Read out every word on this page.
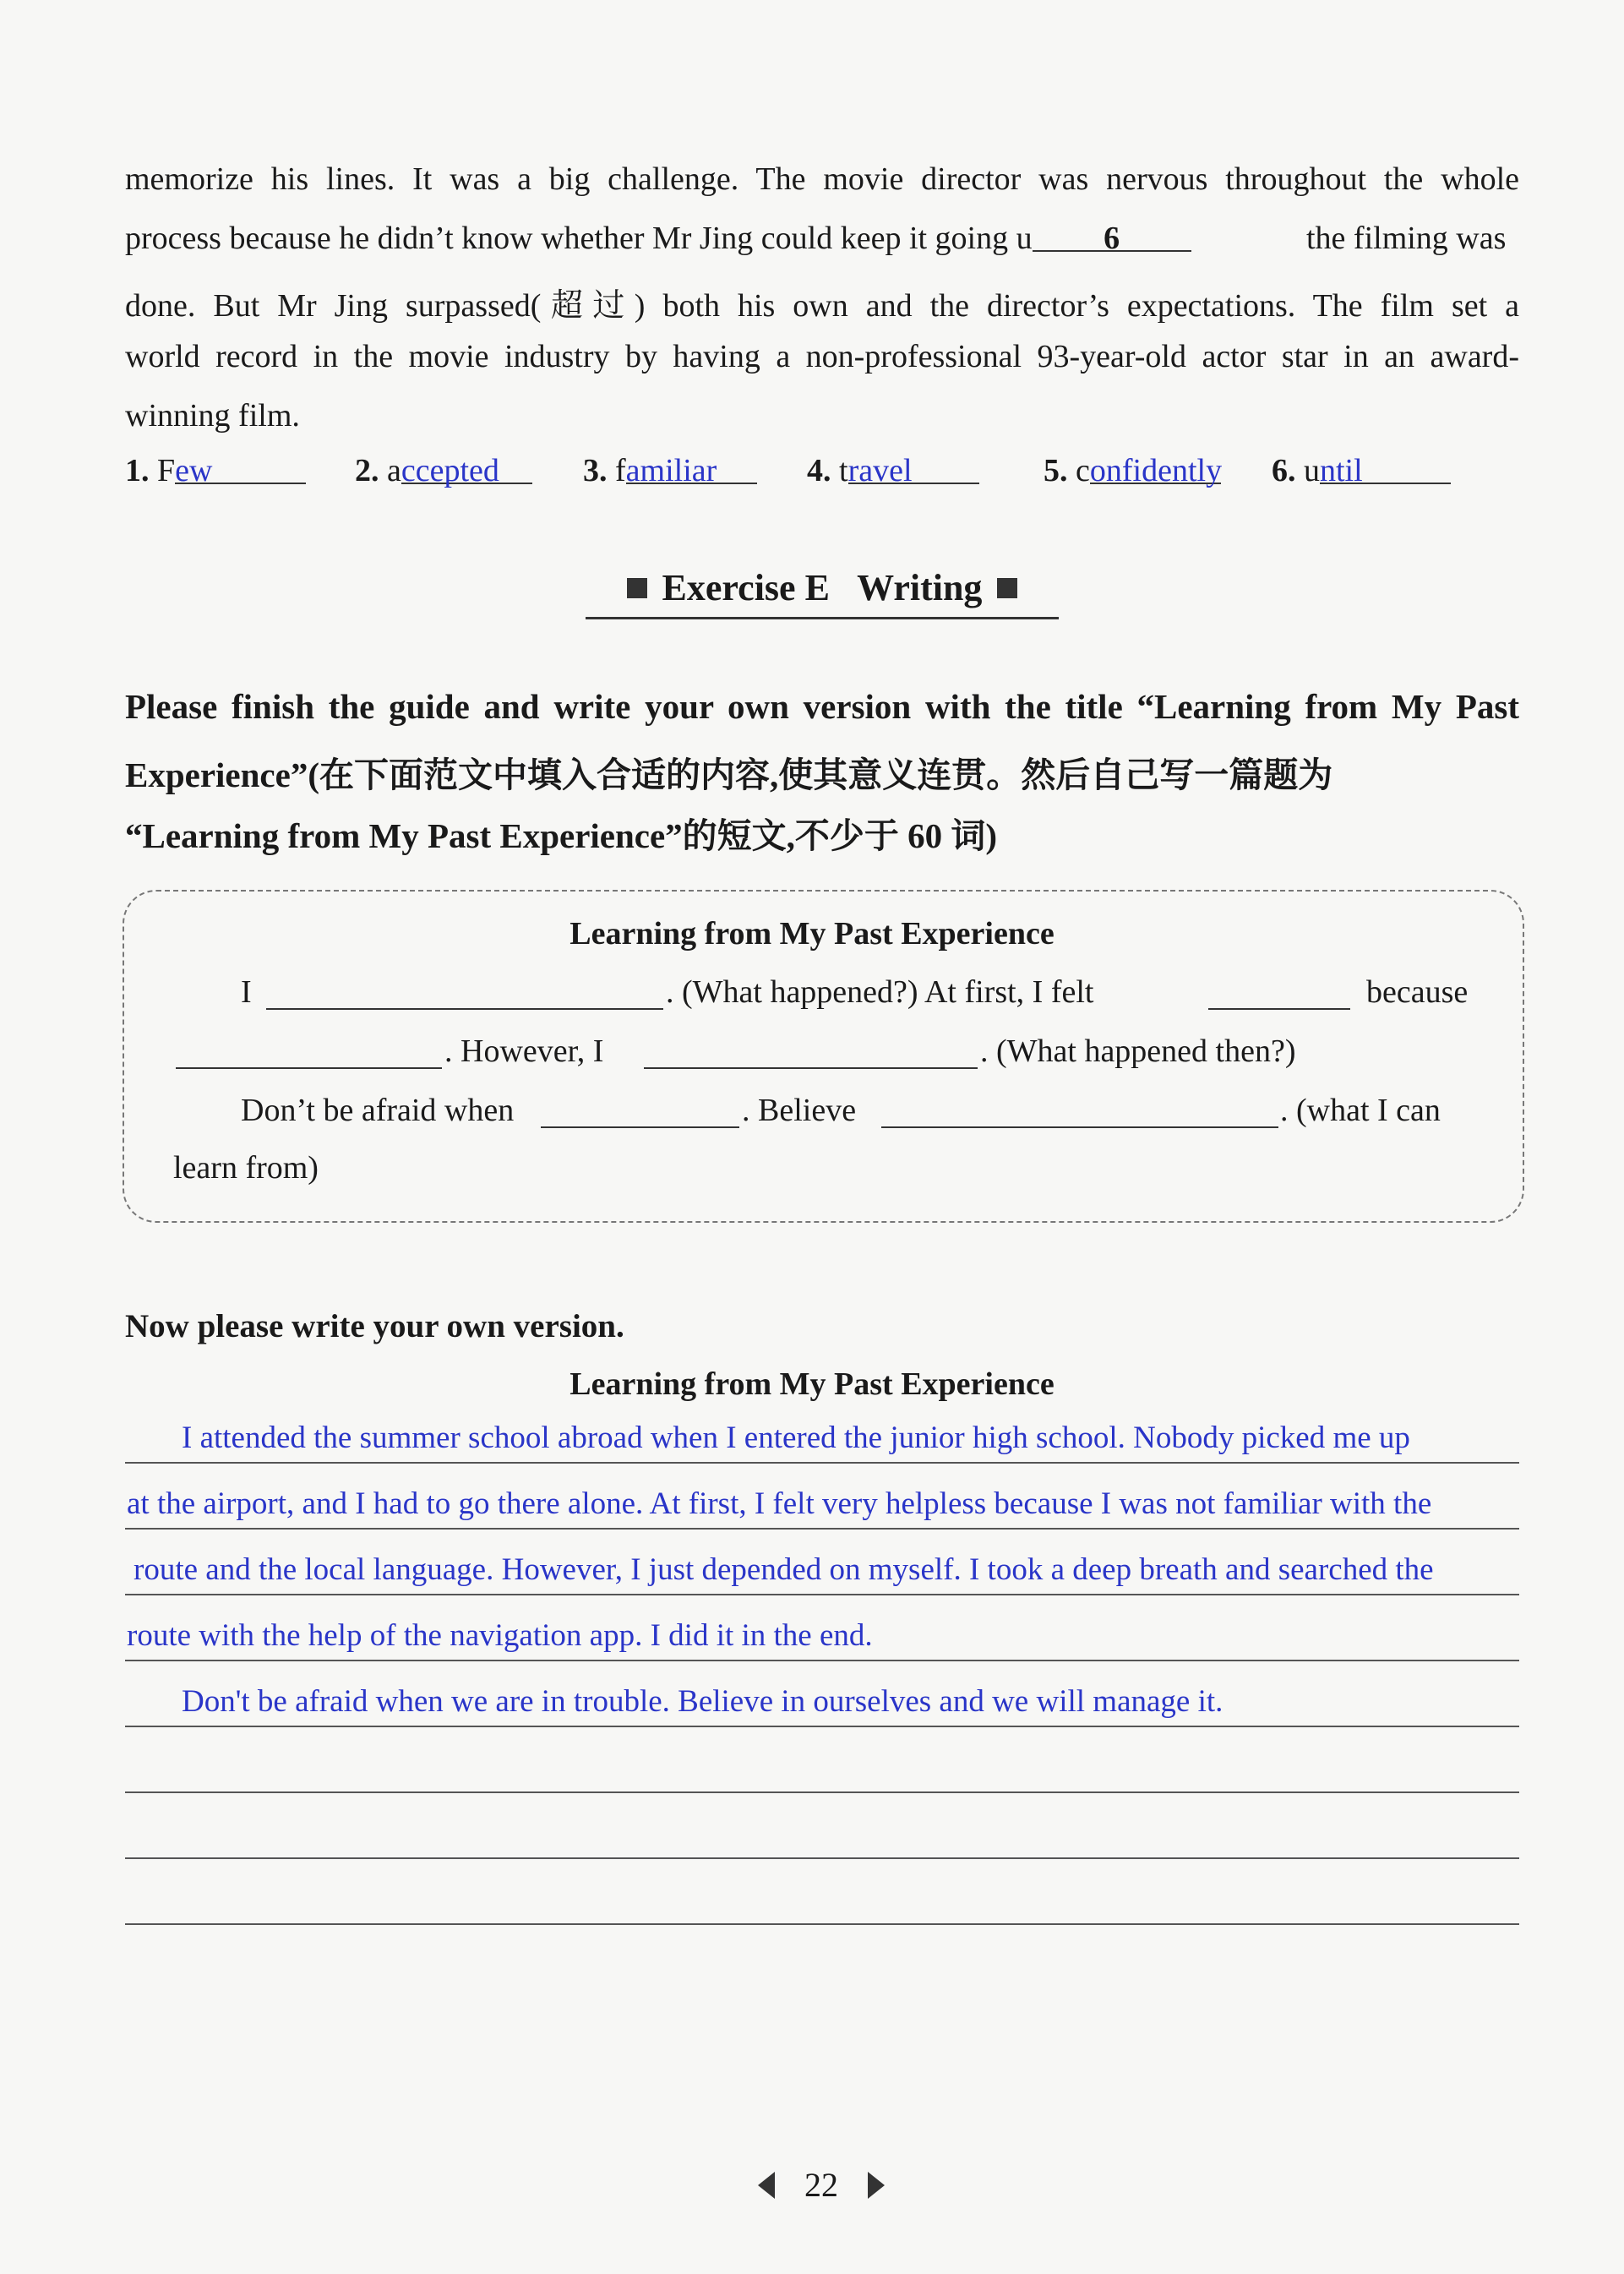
memorize his lines. It was a big challenge. The movie director was nervous throughout the whole
process because he didn’t know whether Mr Jing could keep it going u 6	the filming was
done. But Mr Jing surpassed(超过) both his own and the director’s expectations. The film set a
world record in the movie industry by having a non-professional 93-year-old actor star in an award-
winning film.
1. Few	2. accepted	3. familiar	4. travel	5. confidently 6. until
Exercise E   Writing
Please finish the guide and write your own version with the title “Learning from My Past
Experience”(在下面范文中填入合适的内容,使其意义连贯。然后自己写一篇题为
“Learning from My Past Experience”的短文,不少于 60 词)
Learning from My Past Experience
I	. (What happened?) At first, I felt	because
. However, I	. (What happened then?)
Don’t be afraid when	. Believe	. (what I can
learn from)
Now please write your own version.
Learning from My Past Experience
I attended the summer school abroad when I entered the junior high school. Nobody picked me up
at the airport, and I had to go there alone. At first, I felt very helpless because I was not familiar with the
route and the local language. However, I just depended on myself. I took a deep breath and searched the
route with the help of the navigation app. I did it in the end.
Don't be afraid when we are in trouble. Believe in ourselves and we will manage it.
22
